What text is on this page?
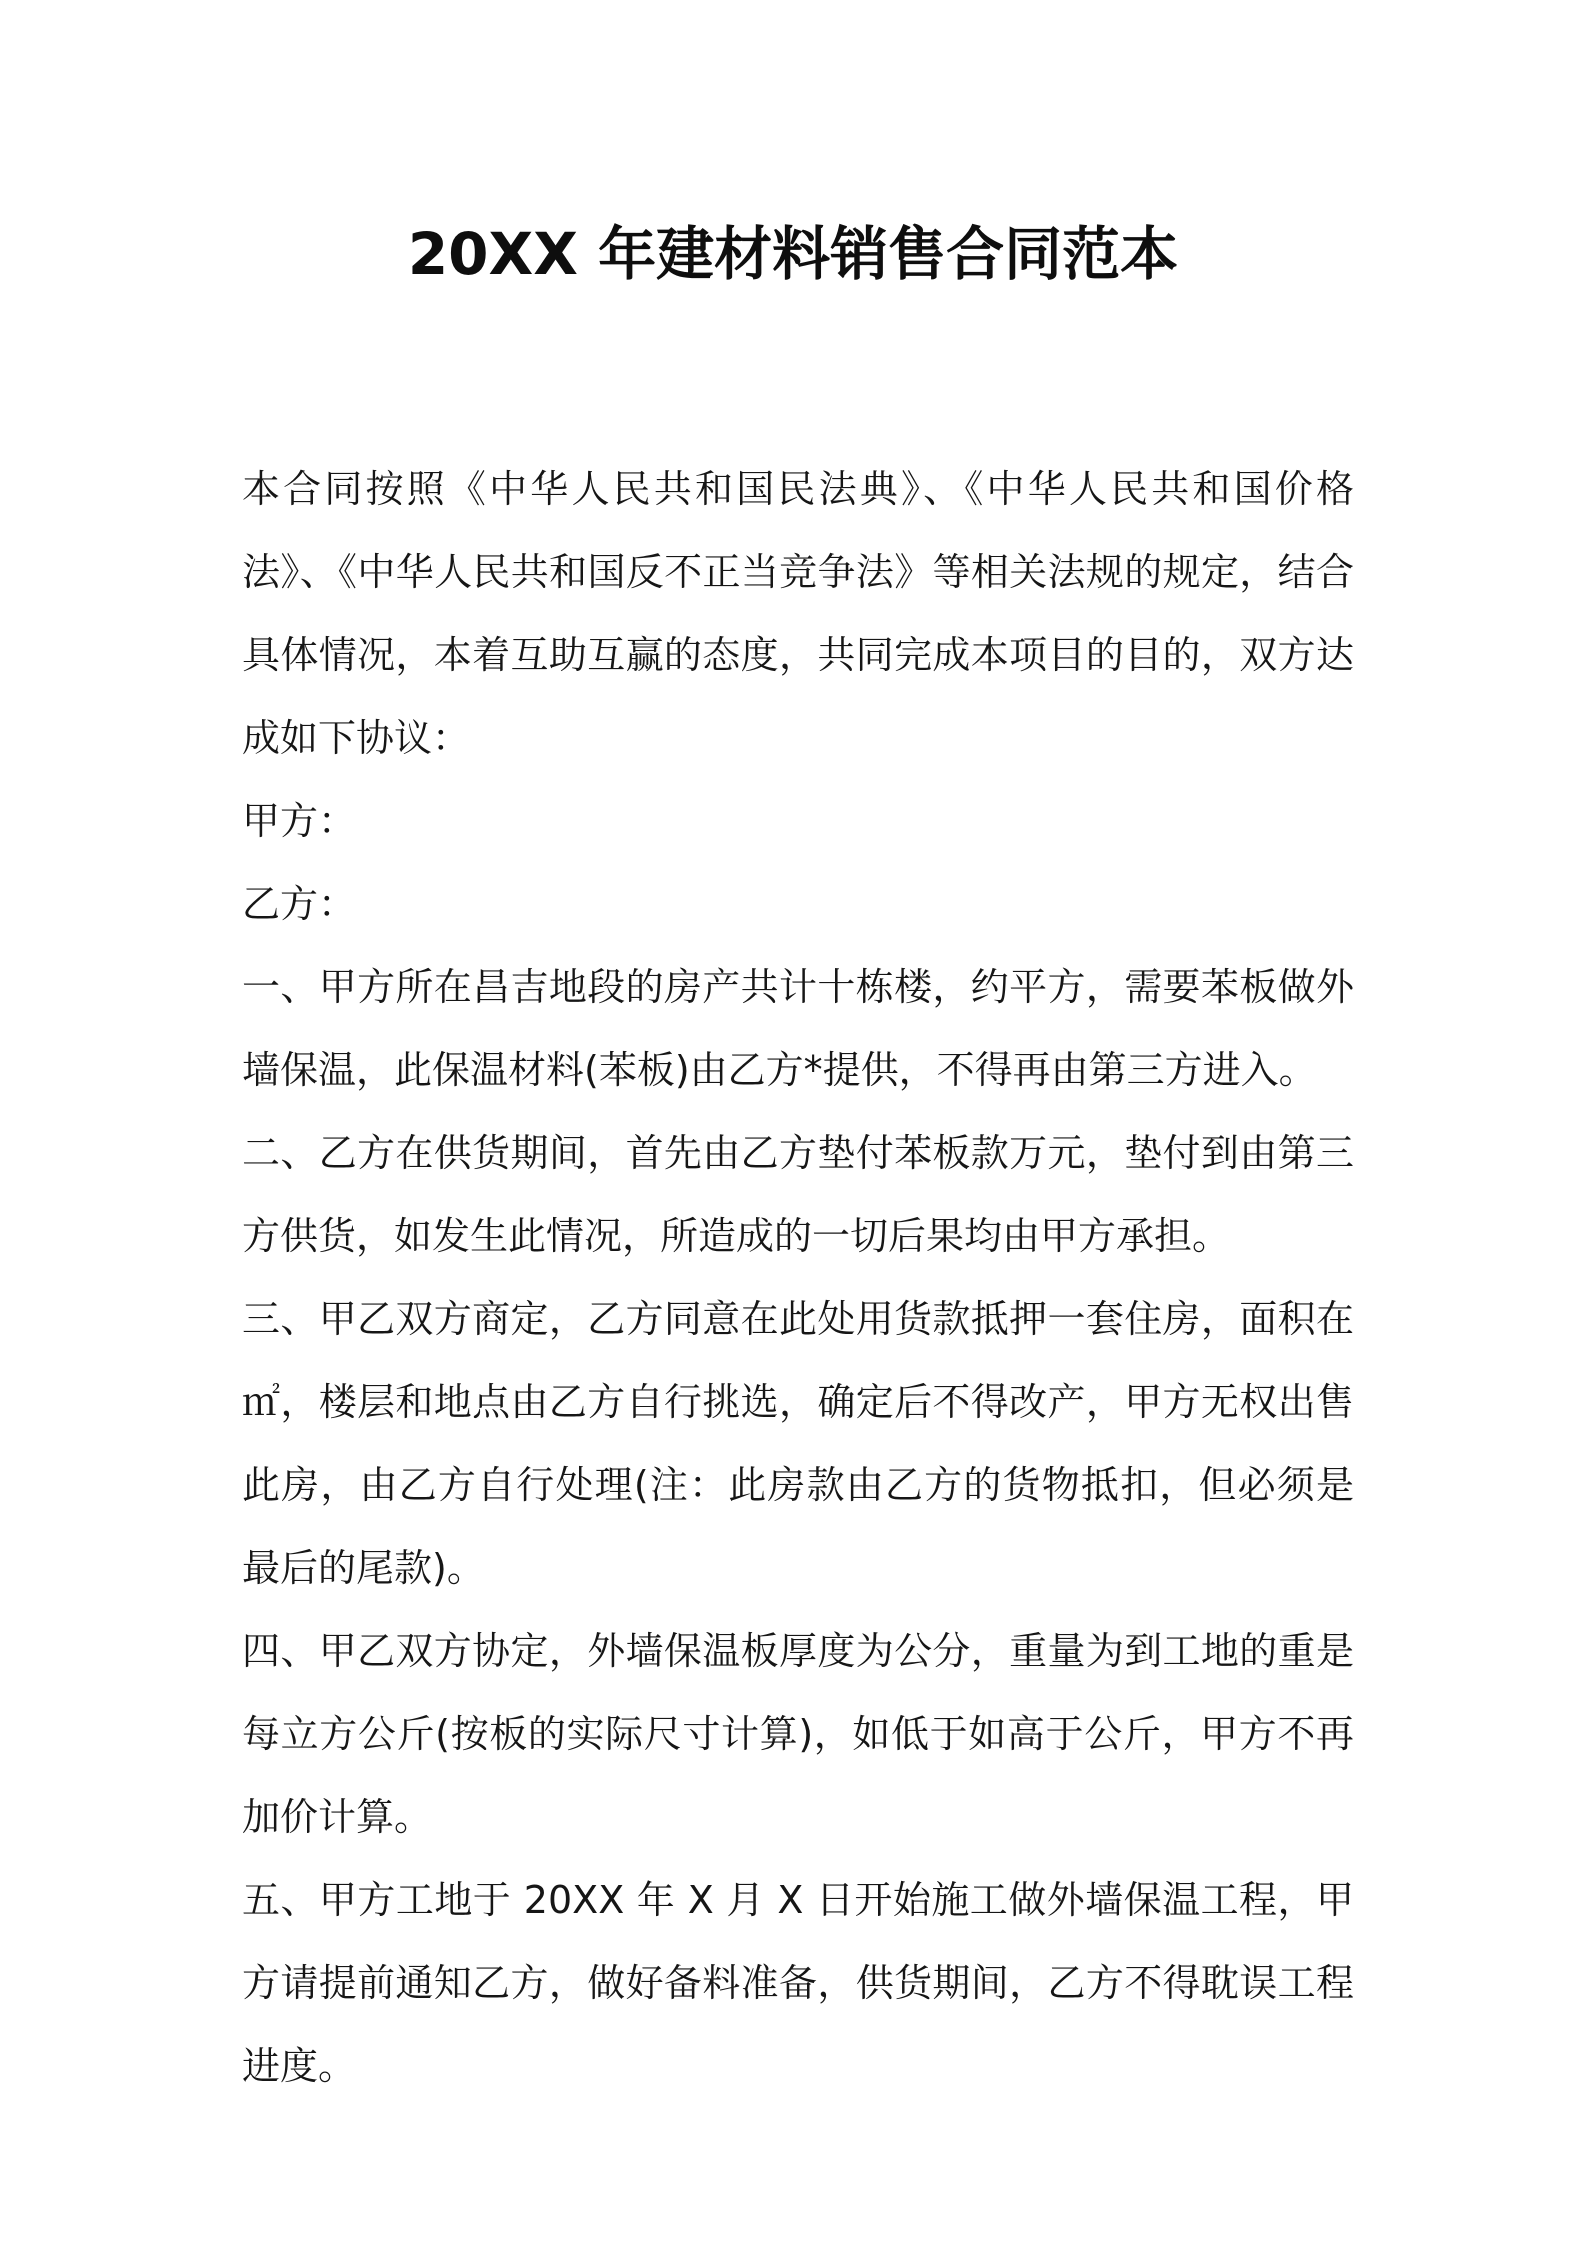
20XX 年建材料销售合同范本

本合同按照《中华人民共和国民法典》、《中华人民共和国价格法》、《中华人民共和国反不正当竞争法》等相关法规的规定，结合具体情况，本着互助互赢的态度，共同完成本项目的目的，双方达成如下协议：

甲方：

乙方：

一、甲方所在昌吉地段的房产共计十栋楼，约平方，需要苯板做外墙保温，此保温材料(苯板)由乙方*提供，不得再由第三方进入。

二、乙方在供货期间，首先由乙方垫付苯板款万元，垫付到由第三方供货，如发生此情况，所造成的一切后果均由甲方承担。

三、甲乙双方商定，乙方同意在此处用货款抵押一套住房，面积在㎡，楼层和地点由乙方自行挑选，确定后不得改产，甲方无权出售此房，由乙方自行处理(注：此房款由乙方的货物抵扣，但必须是最后的尾款)。

四、甲乙双方协定，外墙保温板厚度为公分，重量为到工地的重是每立方公斤(按板的实际尺寸计算)，如低于如高于公斤，甲方不再加价计算。

五、甲方工地于 20XX 年 X 月 X 日开始施工做外墙保温工程，甲方请提前通知乙方，做好备料准备，供货期间，乙方不得耽误工程进度。
